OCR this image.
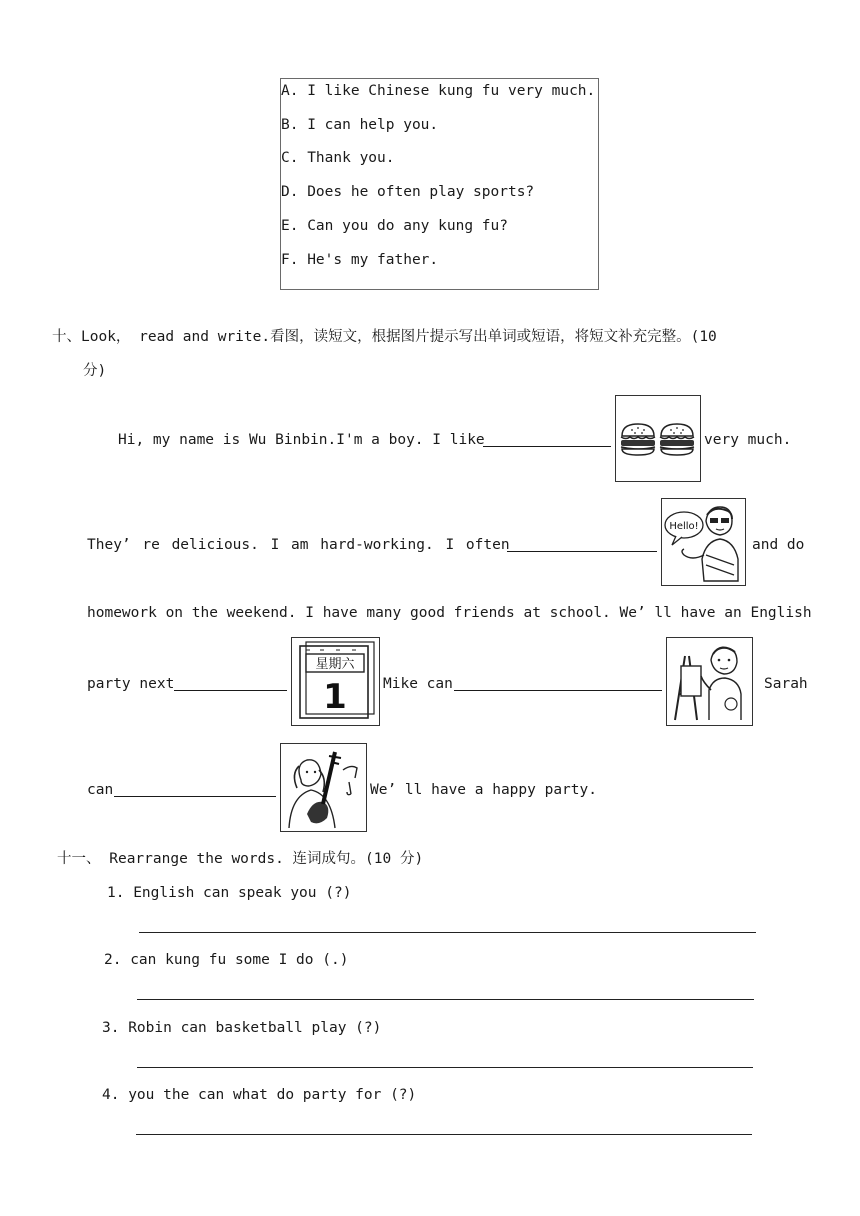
A. I like Chinese kung fu very much.
B. I can help you.
C. Thank you.
D. Does he often play sports?
E. Can you do any kung fu?
F. He's my father.
十、Look， read and write.看图，读短文，根据图片提示写出单词或短语，将短文补充完整。(10
分)
Hi, my name is Wu Binbin.I'm a boy. I like	very much.
They’ re delicious. I am hard-working. I often
Hello!
and do
homework on the weekend. I have many good friends at school. We’ ll have an English
party next
星期六
1 Mike can	Sarah
can	We’ ll have a happy party.
十一、 Rearrange the words. 连词成句。(10 分)
1. English can speak you (?)
2. can kung fu some I do (.)
3. Robin can basketball play (?)
4. you the can what do party for (?)
